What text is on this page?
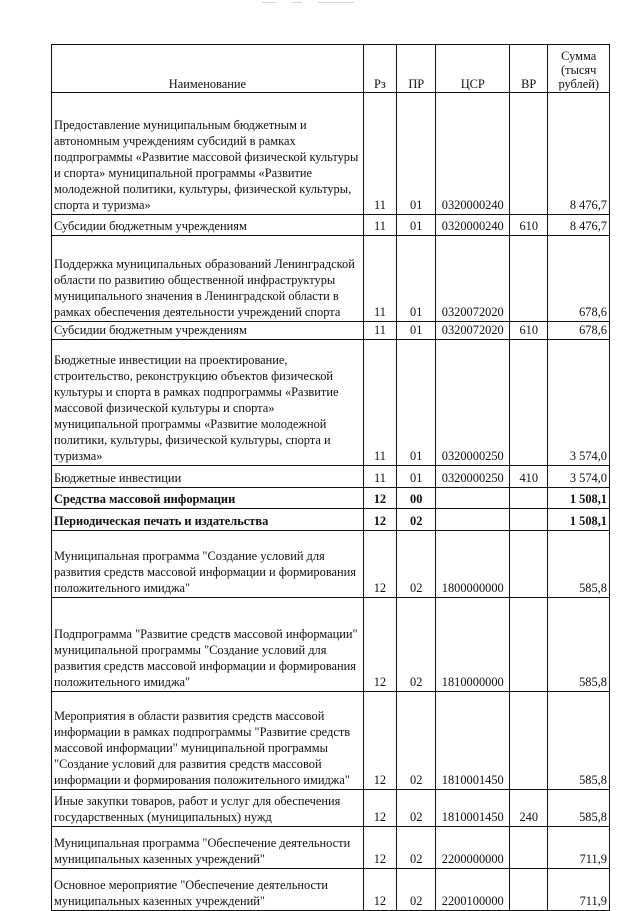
Наименование	Рз	ПР	ЦСР	ВР	Сумма (тысяч рублей)

Предоставление муниципальным бюджетным и автономным учреждениям субсидий в рамках подпрограммы «Развитие массовой физической культуры и спорта» муниципальной программы «Развитие молодежной политики, культуры, физической культуры, спорта и туризма»	11	01	0320000240		8 476,7
Субсидии бюджетным учреждениям	11	01	0320000240	610	8 476,7
Поддержка муниципальных образований Ленинградской области по развитию общественной инфраструктуры муниципального значения в Ленинградской области в рамках обеспечения деятельности учреждений спорта	11	01	0320072020		678,6
Субсидии бюджетным учреждениям	11	01	0320072020	610	678,6
Бюджетные инвестиции на проектирование, строительство, реконструкцию объектов физической культуры и спорта в рамках подпрограммы «Развитие массовой физической культуры и спорта» муниципальной программы «Развитие молодежной политики, культуры, физической культуры, спорта и туризма»	11	01	0320000250		3 574,0
Бюджетные инвестиции	11	01	0320000250	410	3 574,0
Средства массовой информации	12	00			1 508,1
Периодическая печать и издательства	12	02			1 508,1
Муниципальная программа "Создание условий для развития средств массовой информации и формирования положительного имиджа"	12	02	1800000000		585,8
Подпрограмма "Развитие средств массовой информации" муниципальной программы "Создание условий для развития средств массовой информации и формирования положительного имиджа"	12	02	1810000000		585,8
Мероприятия в области развития средств массовой информации в рамках подпрограммы "Развитие средств массовой информации" муниципальной программы "Создание условий для развития средств массовой информации и формирования положительного имиджа"	12	02	1810001450		585,8
Иные закупки товаров, работ и услуг для обеспечения государственных (муниципальных) нужд	12	02	1810001450	240	585,8
Муниципальная программа "Обеспечение деятельности муниципальных казенных учреждений"	12	02	2200000000		711,9
Основное мероприятие "Обеспечение деятельности муниципальных казенных учреждений"	12	02	2200100000		711,9
